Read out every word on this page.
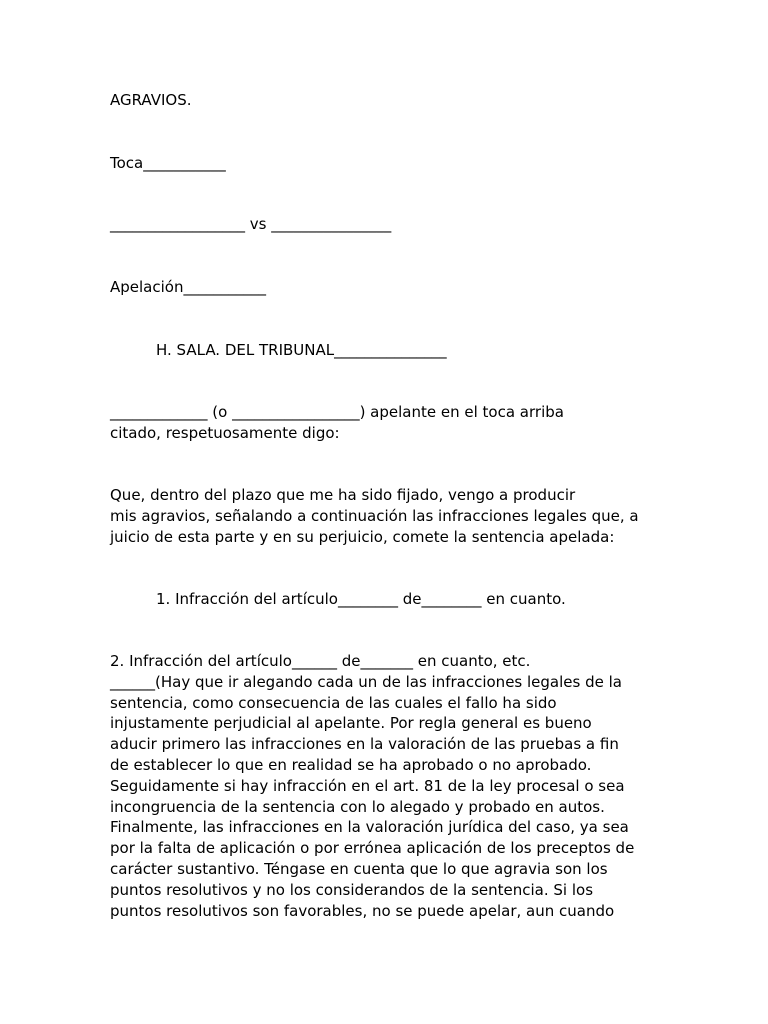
AGRAVIOS.

Toca___________

__________________ vs ________________

Apelación___________

H. SALA. DEL TRIBUNAL_______________

_____________ (o _________________) apelante en el toca arriba
citado, respetuosamente digo:

Que, dentro del plazo que me ha sido fijado, vengo a producir
mis agravios, señalando a continuación las infracciones legales que, a
juicio de esta parte y en su perjuicio, comete la sentencia apelada:

1. Infracción del artículo________ de________ en cuanto.

2. Infracción del artículo______ de_______ en cuanto, etc.
______(Hay que ir alegando cada un de las infracciones legales de la
sentencia, como consecuencia de las cuales el fallo ha sido
injustamente perjudicial al apelante. Por regla general es bueno
aducir primero las infracciones en la valoración de las pruebas a fin
de establecer lo que en realidad se ha aprobado o no aprobado.
Seguidamente si hay infracción en el art. 81 de la ley procesal o sea
incongruencia de la sentencia con lo alegado y probado en autos.
Finalmente, las infracciones en la valoración jurídica del caso, ya sea
por la falta de aplicación o por errónea aplicación de los preceptos de
carácter sustantivo. Téngase en cuenta que lo que agravia son los
puntos resolutivos y no los considerandos de la sentencia. Si los
puntos resolutivos son favorables, no se puede apelar, aun cuando
